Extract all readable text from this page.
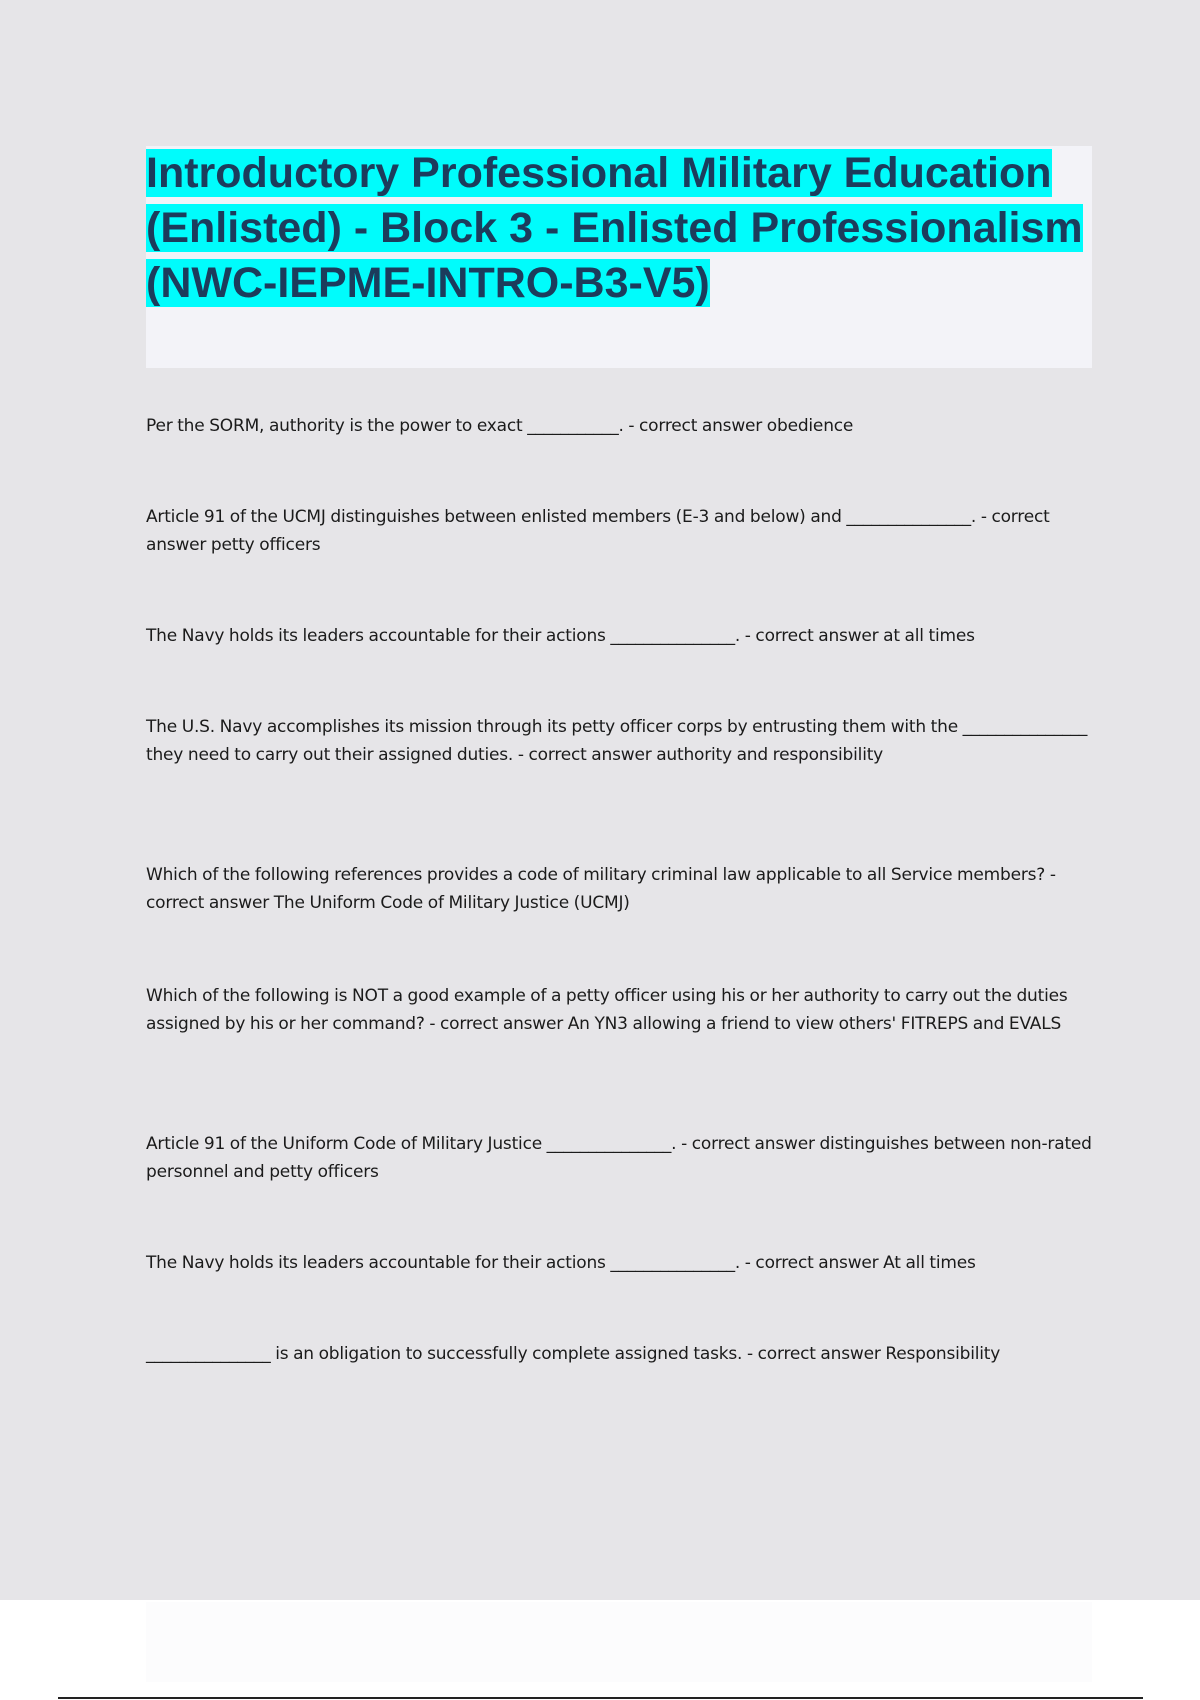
Introductory Professional Military Education (Enlisted) - Block 3 - Enlisted Professionalism (NWC-IEPME-INTRO-B3-V5)

Per the SORM, authority is the power to exact ___________. - correct answer obedience

Article 91 of the UCMJ distinguishes between enlisted members (E-3 and below) and _______________. - correct answer petty officers

The Navy holds its leaders accountable for their actions _______________. - correct answer at all times

The U.S. Navy accomplishes its mission through its petty officer corps by entrusting them with the _______________ they need to carry out their assigned duties. - correct answer authority and responsibility

Which of the following references provides a code of military criminal law applicable to all Service members? - correct answer The Uniform Code of Military Justice (UCMJ)

Which of the following is NOT a good example of a petty officer using his or her authority to carry out the duties assigned by his or her command? - correct answer An YN3 allowing a friend to view others' FITREPS and EVALS

Article 91 of the Uniform Code of Military Justice _______________. - correct answer distinguishes between non-rated personnel and petty officers

The Navy holds its leaders accountable for their actions _______________. - correct answer At all times

_______________ is an obligation to successfully complete assigned tasks. - correct answer Responsibility
